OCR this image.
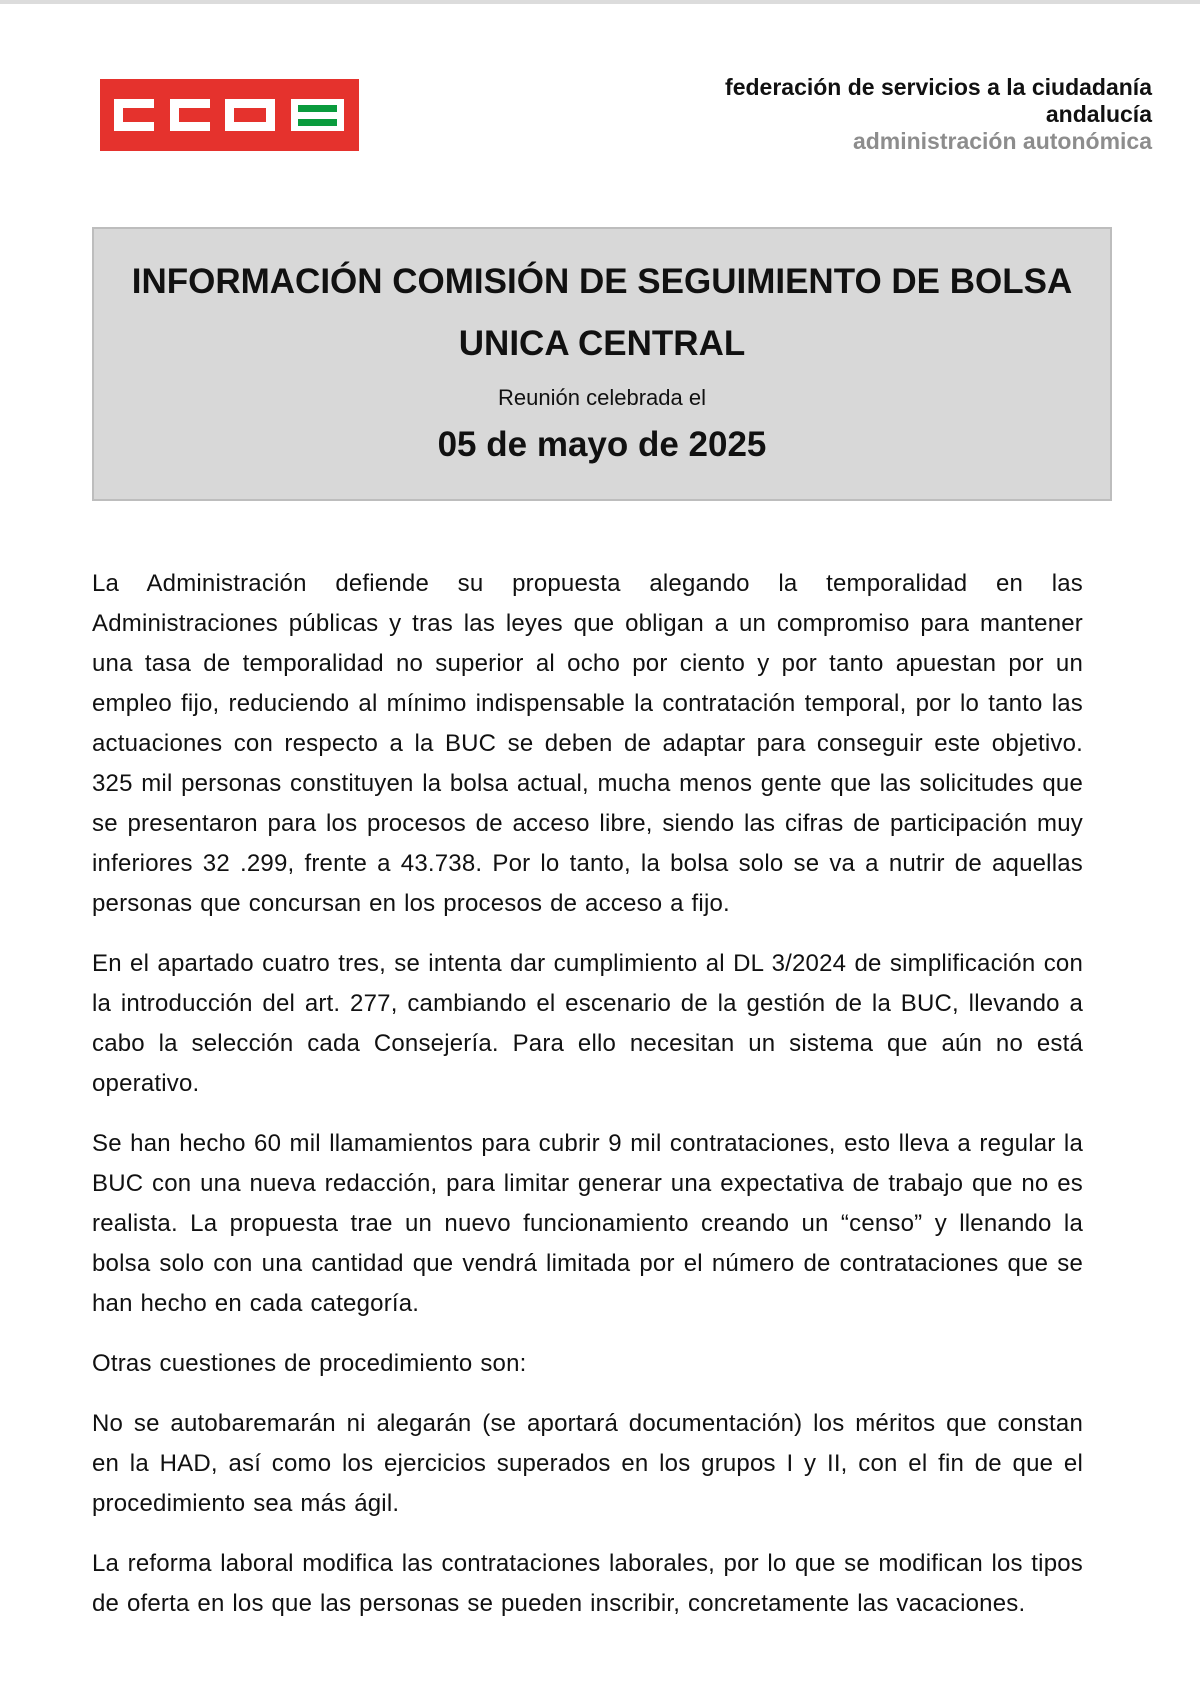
federación de servicios a la ciudadanía
andalucía
administración autonómica
INFORMACIÓN COMISIÓN DE SEGUIMIENTO DE BOLSA
UNICA CENTRAL
Reunión celebrada el
05 de mayo de 2025

La Administración defiende su propuesta alegando la temporalidad en las Administraciones públicas y tras las leyes que obligan a un compromiso para mantener una tasa de temporalidad no superior al ocho por ciento y por tanto apuestan por un empleo fijo, reduciendo al mínimo indispensable la contratación temporal, por lo tanto las actuaciones con respecto a la BUC se deben de adaptar para conseguir este objetivo. 325 mil personas constituyen la bolsa actual, mucha menos gente que las solicitudes que se presentaron para los procesos de acceso libre, siendo las cifras de participación muy inferiores 32 .299, frente a 43.738. Por lo tanto, la bolsa solo se va a nutrir de aquellas personas que concursan en los procesos de acceso a fijo.

En el apartado cuatro tres, se intenta dar cumplimiento al DL 3/2024 de simplificación con la introducción del art. 277, cambiando el escenario de la gestión de la BUC, llevando a cabo la selección cada Consejería. Para ello necesitan un sistema que aún no está operativo.

Se han hecho 60 mil llamamientos para cubrir 9 mil contrataciones, esto lleva a regular la BUC con una nueva redacción, para limitar generar una expectativa de trabajo que no es realista. La propuesta trae un nuevo funcionamiento creando un “censo” y llenando la bolsa solo con una cantidad que vendrá limitada por el número de contrataciones que se han hecho en cada categoría.

Otras cuestiones de procedimiento son:

No se autobaremarán ni alegarán (se aportará documentación) los méritos que constan en la HAD, así como los ejercicios superados en los grupos I y II, con el fin de que el procedimiento sea más ágil.

La reforma laboral modifica las contrataciones laborales, por lo que se modifican los tipos de oferta en los que las personas se pueden inscribir, concretamente las vacaciones.
